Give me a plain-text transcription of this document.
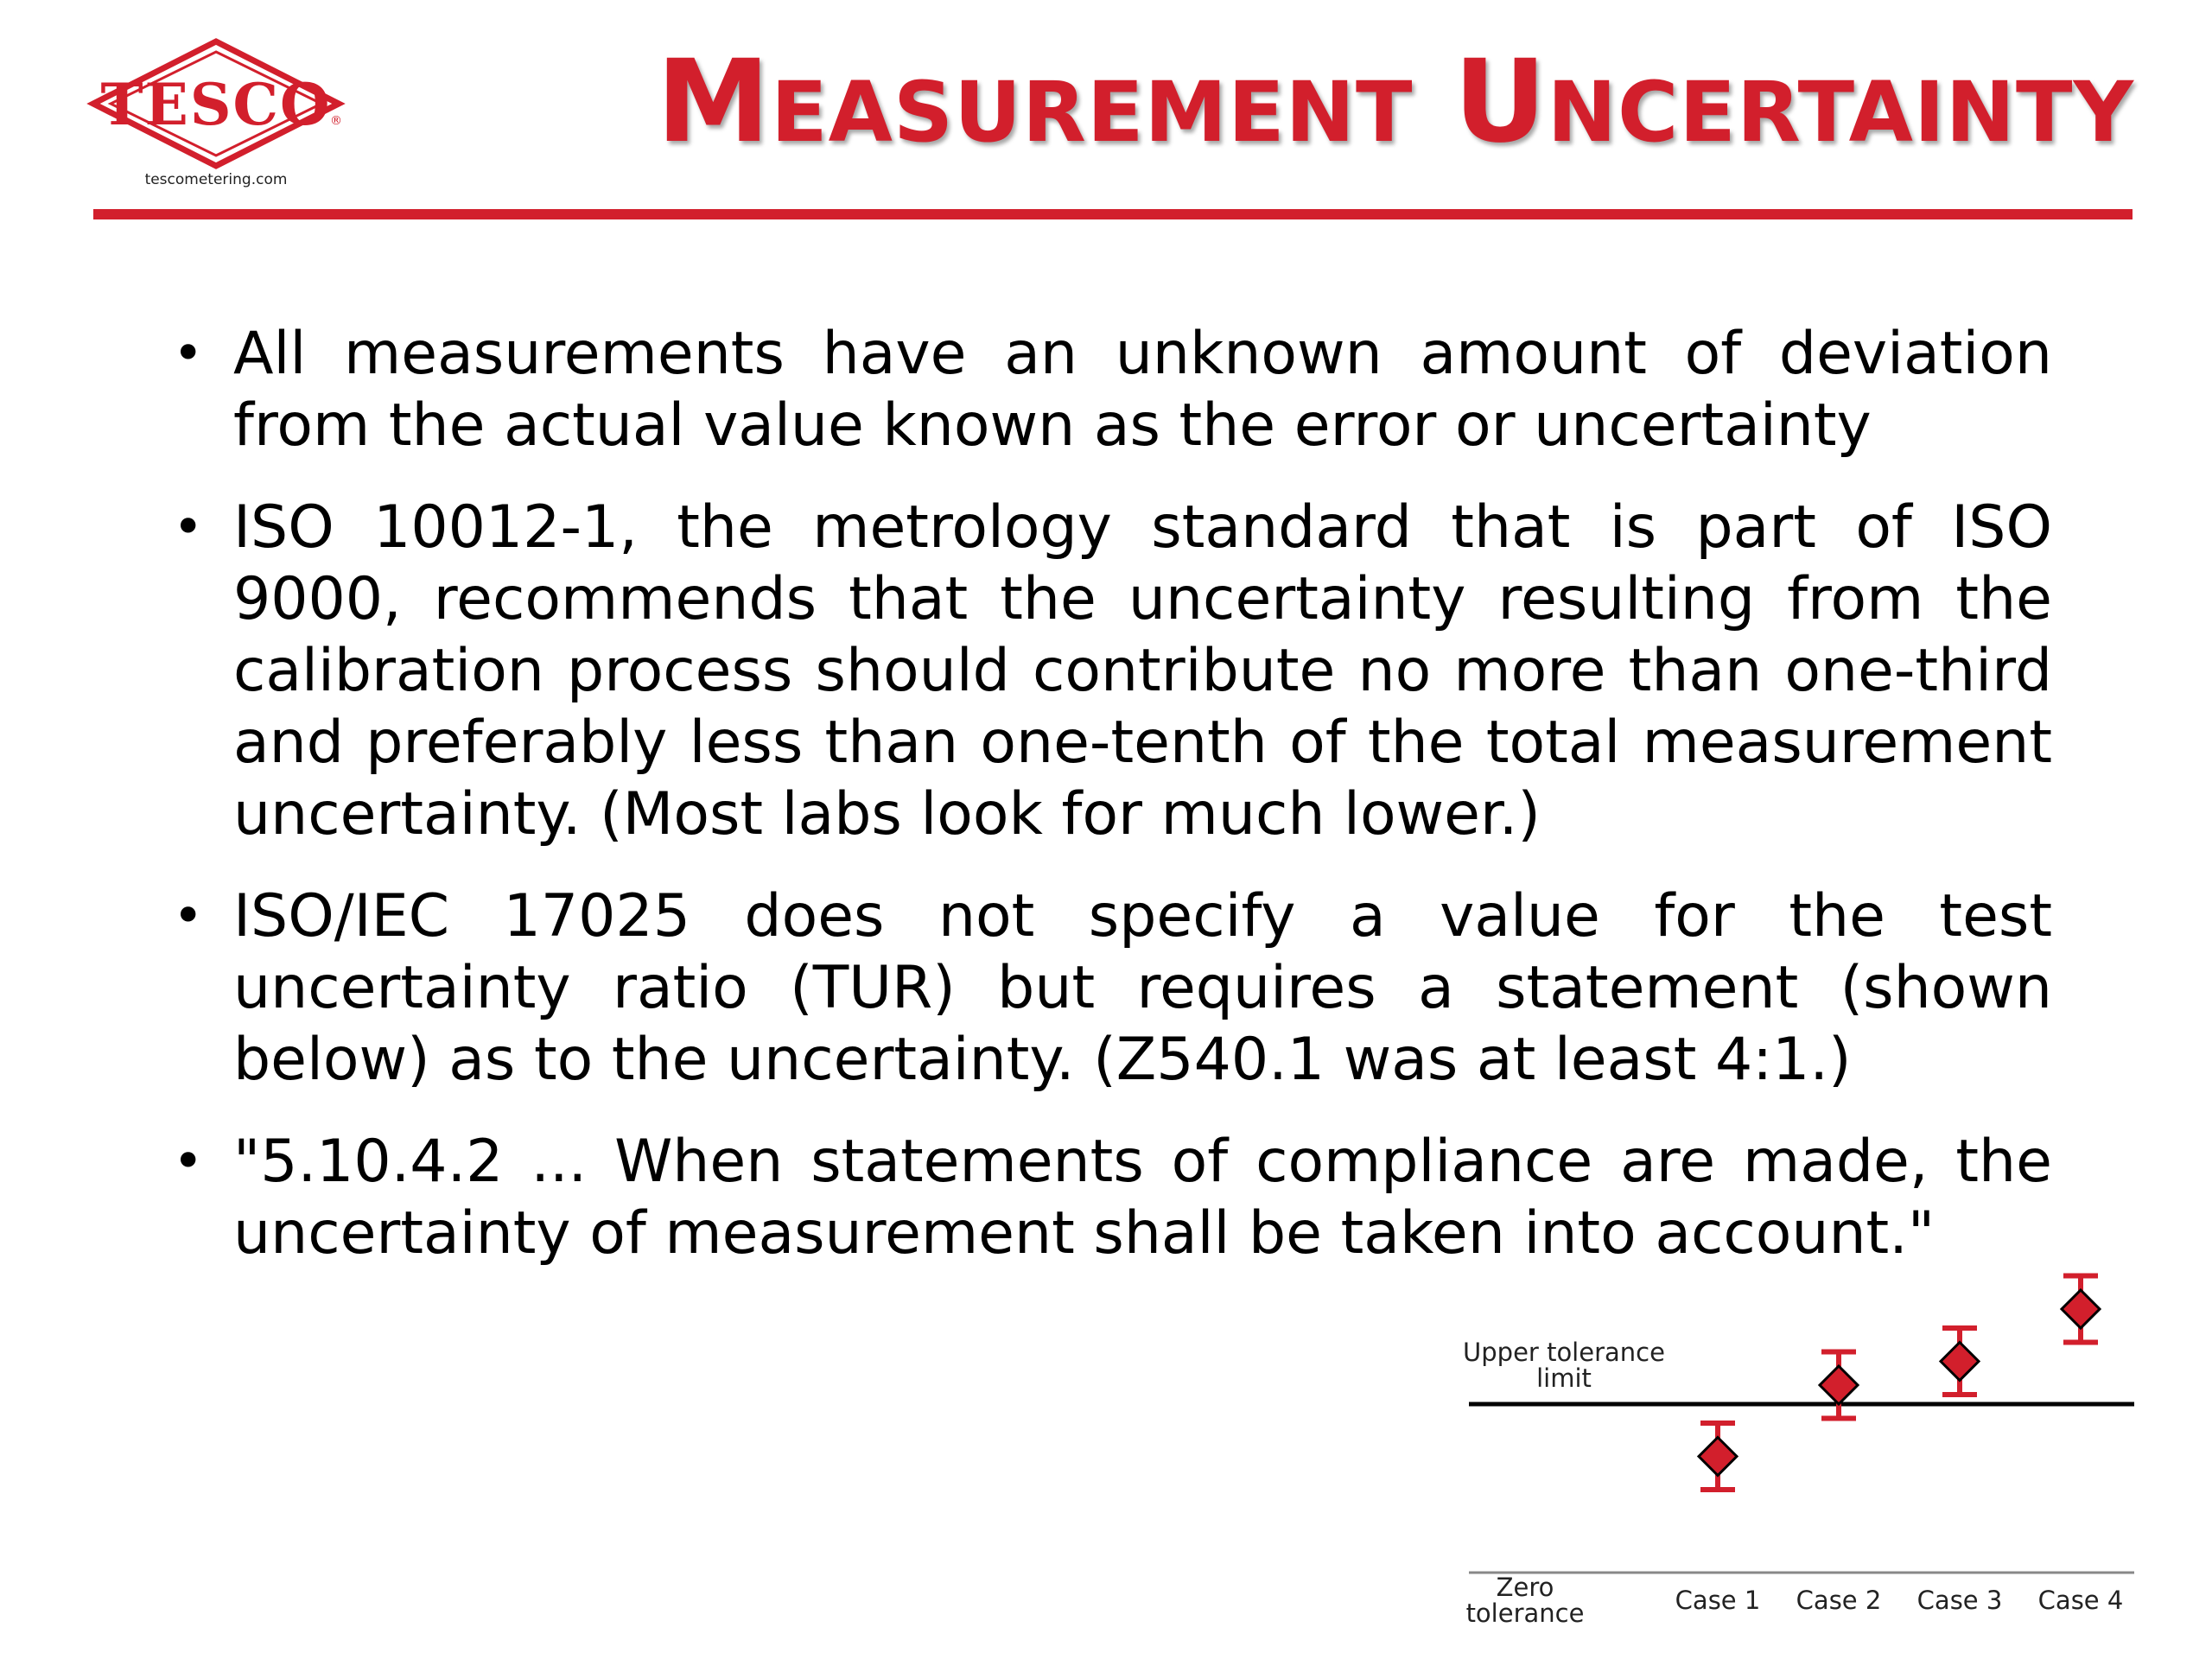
TESCO
®
tescometering.com
MEASUREMENT UNCERTAINTY
• All measurements have an unknown amount of deviation from the actual value known as the error or uncertainty
• ISO 10012-1, the metrology standard that is part of ISO 9000, recommends that the uncertainty resulting from the calibration process should contribute no more than one-third and preferably less than one-tenth of the total measurement uncertainty. (Most labs look for much lower.)
• ISO/IEC 17025 does not specify a value for the test uncertainty ratio (TUR) but requires a statement (shown below) as to the uncertainty. (Z540.1 was at least 4:1.)
• "5.10.4.2 ... When statements of compliance are made, the uncertainty of measurement shall be taken into account."
Upper tolerance
limit
Zero
tolerance	Case 1	Case 2	Case 3	Case 4
